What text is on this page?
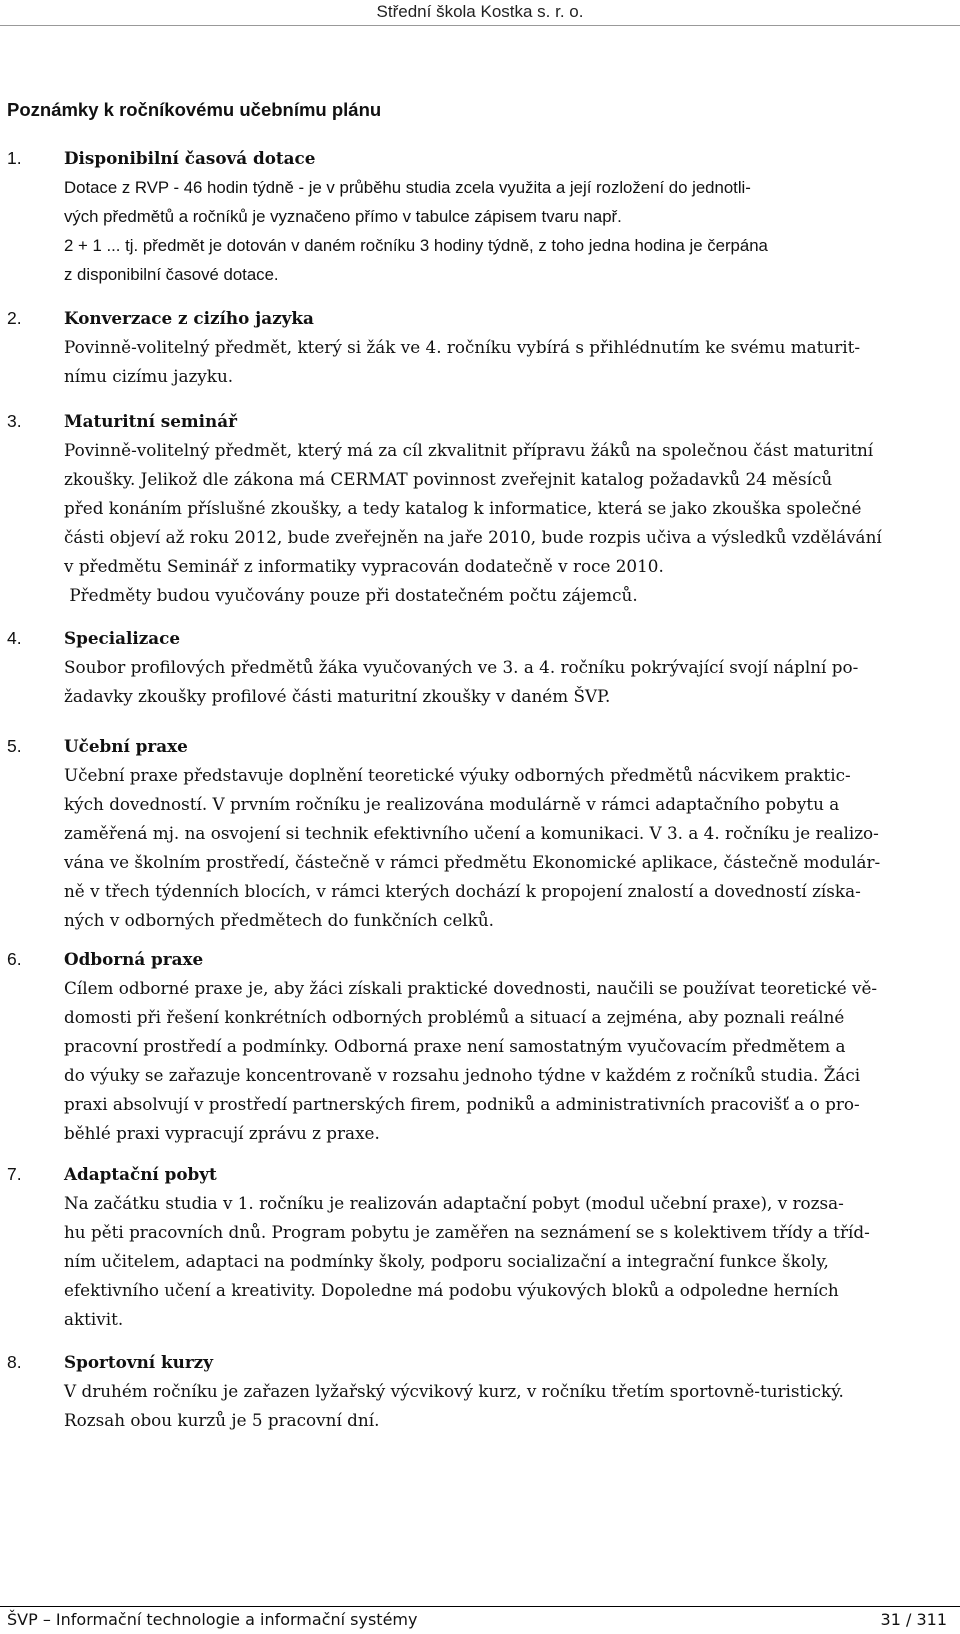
Střední škola Kostka s. r. o.
Poznámky k ročníkovému učebnímu plánu
1.	Disponibilní časová dotace
Dotace z RVP - 46 hodin týdně - je v průběhu studia zcela využita a její rozložení do jednotli-
vých předmětů a ročníků je vyznačeno přímo v tabulce zápisem tvaru např.
2 + 1 ... tj. předmět je dotován v daném ročníku 3 hodiny týdně, z toho jedna hodina je čerpána
z disponibilní časové dotace.
2.	Konverzace z cizího jazyka
Povinně-volitelný předmět, který si žák ve 4. ročníku vybírá s přihlédnutím ke svému maturit-
nímu cizímu jazyku.
3.	Maturitní seminář
Povinně-volitelný předmět, který má za cíl zkvalitnit přípravu žáků na společnou část maturitní
zkoušky. Jelikož dle zákona má CERMAT povinnost zveřejnit katalog požadavků 24 měsíců
před konáním příslušné zkoušky, a tedy katalog k informatice, která se jako zkouška společné
části objeví až roku 2012, bude zveřejněn na jaře 2010, bude rozpis učiva a výsledků vzdělávání
v předmětu Seminář z informatiky vypracován dodatečně v roce 2010.
Předměty budou vyučovány pouze při dostatečném počtu zájemců.
4.	Specializace
Soubor profilových předmětů žáka vyučovaných ve 3. a 4. ročníku pokrývající svojí náplní po-
žadavky zkoušky profilové části maturitní zkoušky v daném ŠVP.
5.	Učební praxe
Učební praxe představuje doplnění teoretické výuky odborných předmětů nácvikem praktic-
kých dovedností. V prvním ročníku je realizována modulárně v rámci adaptačního pobytu a
zaměřená mj. na osvojení si technik efektivního učení a komunikaci. V 3. a 4. ročníku je realizo-
vána ve školním prostředí, částečně v rámci předmětu Ekonomické aplikace, částečně modulár-
ně v třech týdenních blocích, v rámci kterých dochází k propojení znalostí a dovedností získa-
ných v odborných předmětech do funkčních celků.
6.	Odborná praxe
Cílem odborné praxe je, aby žáci získali praktické dovednosti, naučili se používat teoretické vě-
domosti při řešení konkrétních odborných problémů a situací a zejména, aby poznali reálné
pracovní prostředí a podmínky. Odborná praxe není samostatným vyučovacím předmětem a
do výuky se zařazuje koncentrovaně v rozsahu jednoho týdne v každém z ročníků studia. Žáci
praxi absolvují v prostředí partnerských firem, podniků a administrativních pracovišť a o pro-
běhlé praxi vypracují zprávu z praxe.
7.	Adaptační pobyt
Na začátku studia v 1. ročníku je realizován adaptační pobyt (modul učební praxe), v rozsa-
hu pěti pracovních dnů. Program pobytu je zaměřen na seznámení se s kolektivem třídy a tříd-
ním učitelem, adaptaci na podmínky školy, podporu socializační a integrační funkce školy,
efektivního učení a kreativity. Dopoledne má podobu výukových bloků a odpoledne herních
aktivit.
8.	Sportovní kurzy
V druhém ročníku je zařazen lyžařský výcvikový kurz, v ročníku třetím sportovně-turistický.
Rozsah obou kurzů je 5 pracovní dní.
ŠVP – Informační technologie a informační systémy	31 / 311
